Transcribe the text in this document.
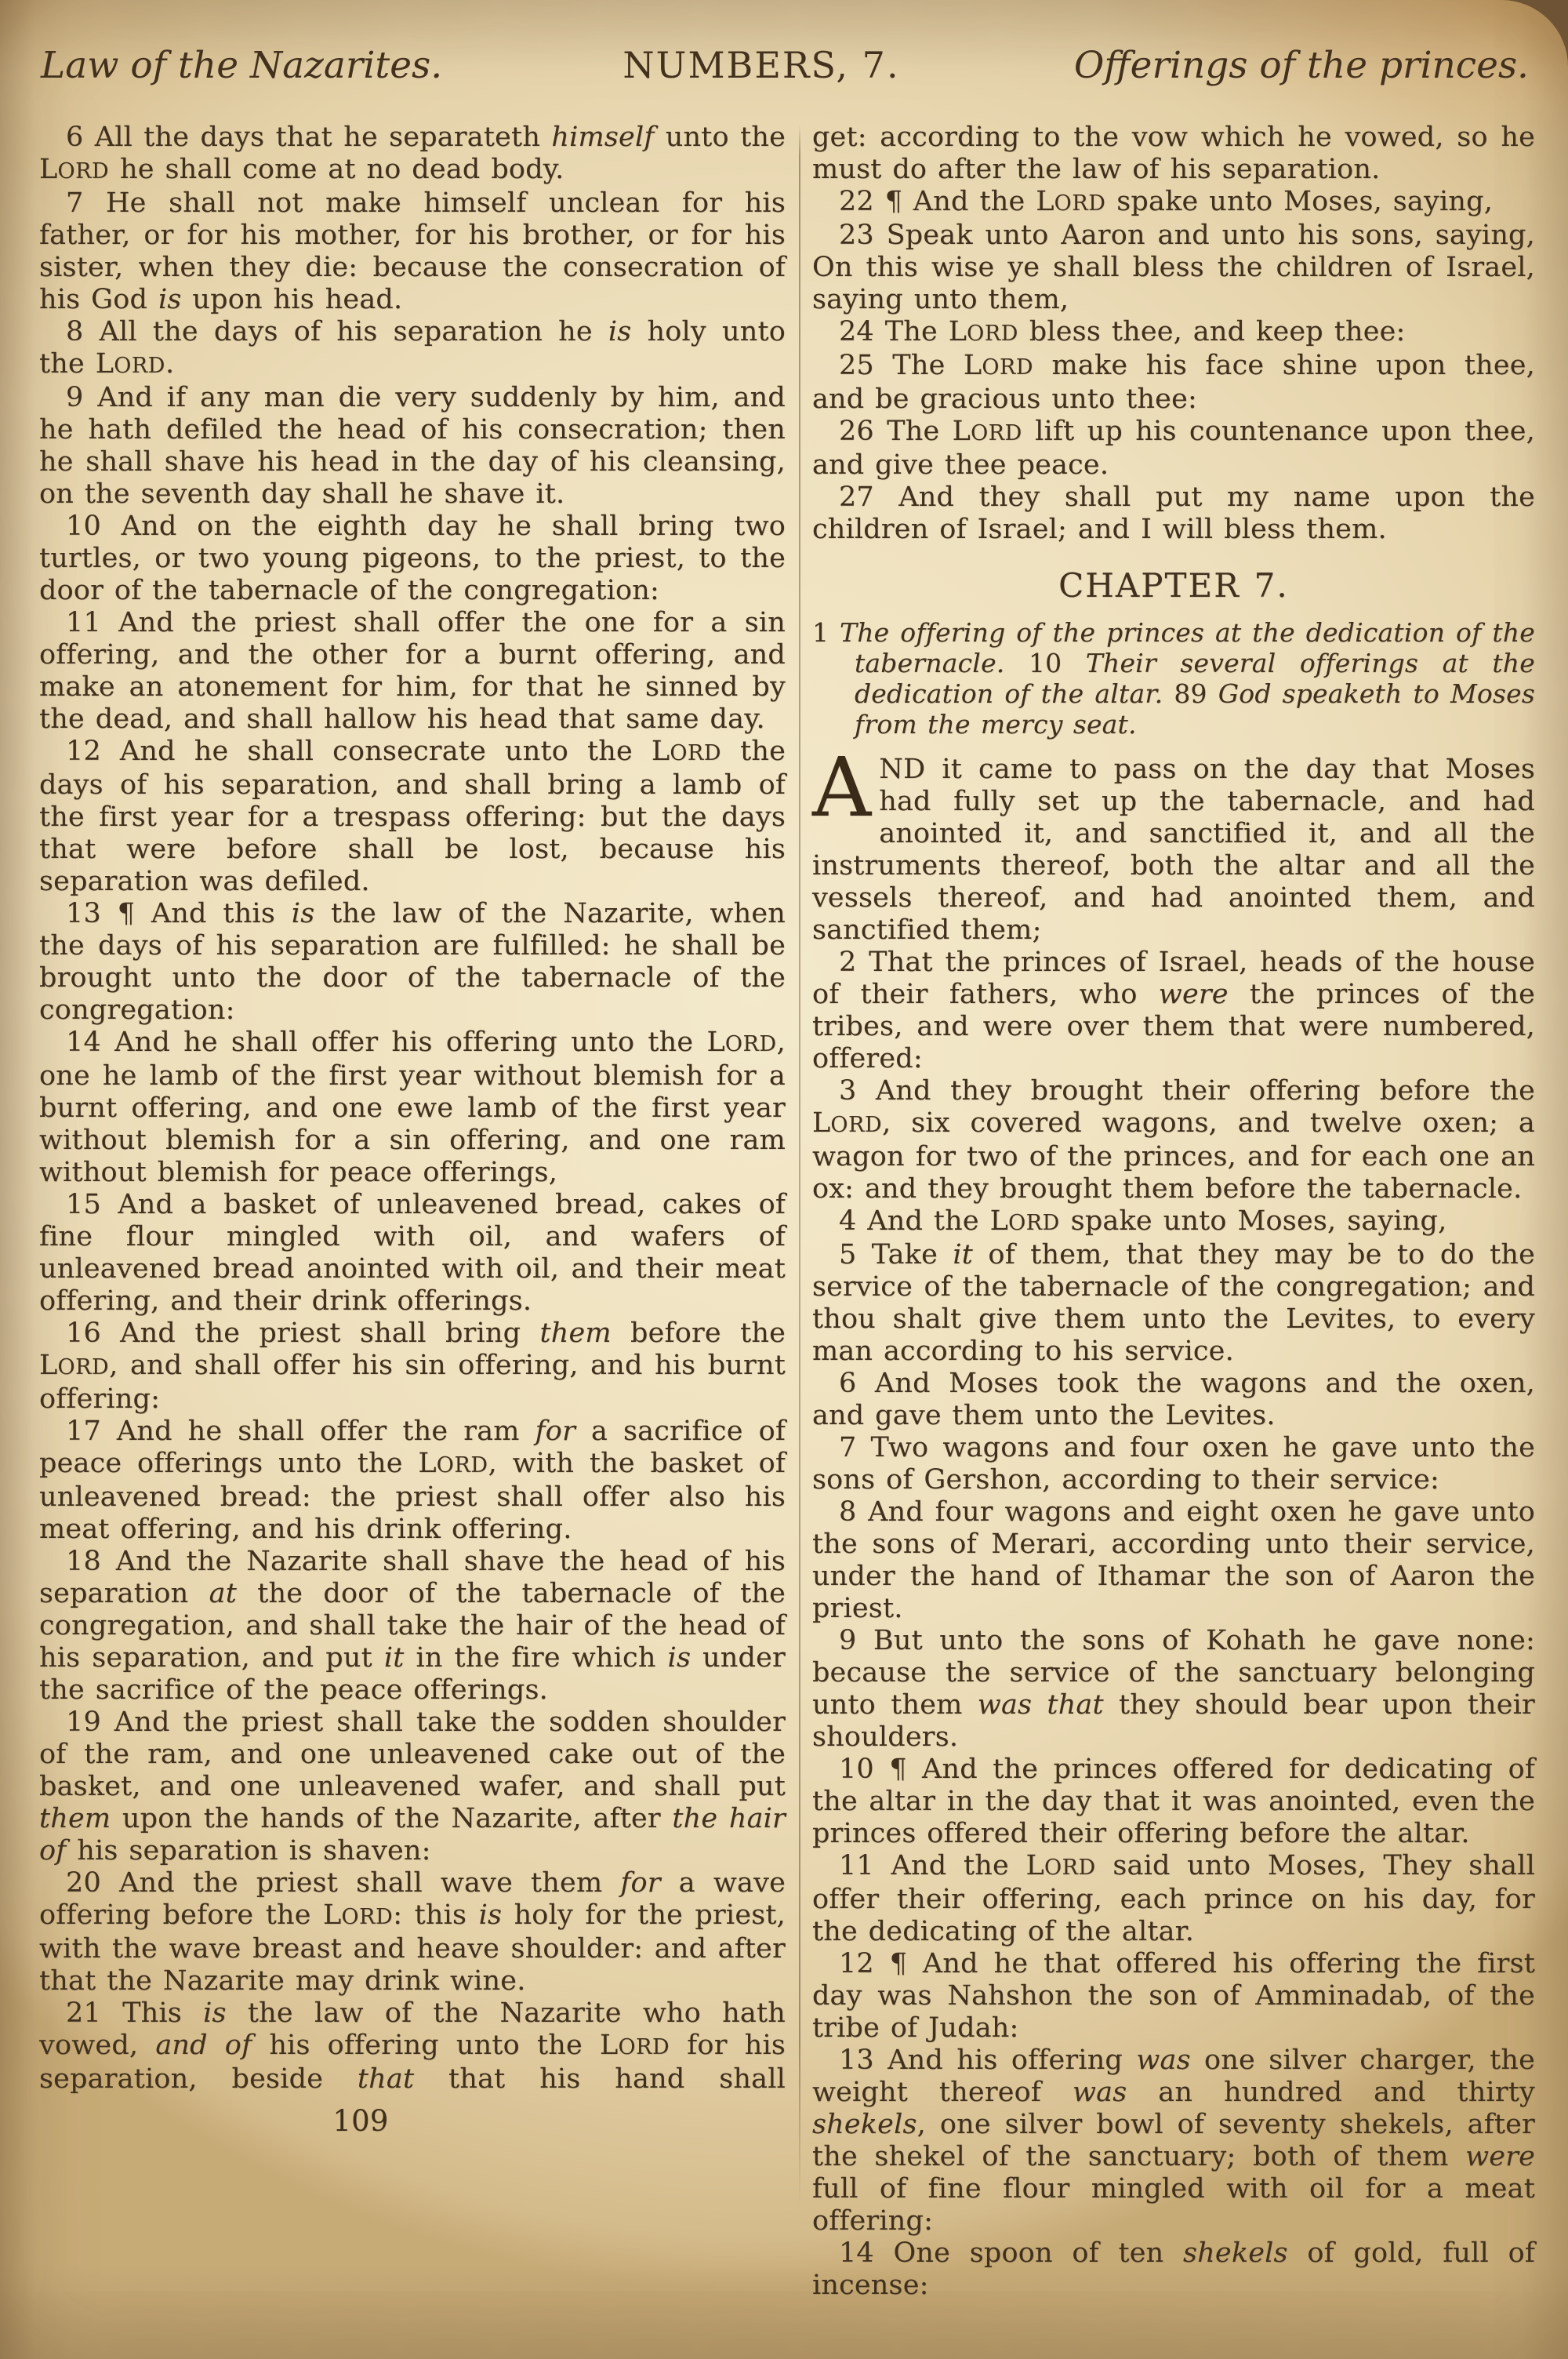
Law of the Nazarites.	NUMBERS, 7.	Offerings of the princes.

6 All the days that he separateth himself unto the LORD he shall come at no dead body.

7 He shall not make himself unclean for his father, or for his mother, for his brother, or for his sister, when they die: because the consecration of his God is upon his head.

8 All the days of his separation he is holy unto the LORD.

9 And if any man die very suddenly by him, and he hath defiled the head of his consecration; then he shall shave his head in the day of his cleansing, on the seventh day shall he shave it.

10 And on the eighth day he shall bring two turtles, or two young pigeons, to the priest, to the door of the tabernacle of the congregation:

11 And the priest shall offer the one for a sin offering, and the other for a burnt offering, and make an atonement for him, for that he sinned by the dead, and shall hallow his head that same day.

12 And he shall consecrate unto the LORD the days of his separation, and shall bring a lamb of the first year for a trespass offering: but the days that were before shall be lost, because his separation was defiled.

13 ¶ And this is the law of the Nazarite, when the days of his separation are fulfilled: he shall be brought unto the door of the tabernacle of the congregation:

14 And he shall offer his offering unto the LORD, one he lamb of the first year without blemish for a burnt offering, and one ewe lamb of the first year without blemish for a sin offering, and one ram without blemish for peace offerings,

15 And a basket of unleavened bread, cakes of fine flour mingled with oil, and wafers of unleavened bread anointed with oil, and their meat offering, and their drink offerings.

16 And the priest shall bring them before the LORD, and shall offer his sin offering, and his burnt offering:

17 And he shall offer the ram for a sacrifice of peace offerings unto the LORD, with the basket of unleavened bread: the priest shall offer also his meat offering, and his drink offering.

18 And the Nazarite shall shave the head of his separation at the door of the tabernacle of the congregation, and shall take the hair of the head of his separation, and put it in the fire which is under the sacrifice of the peace offerings.

19 And the priest shall take the sodden shoulder of the ram, and one unleavened cake out of the basket, and one unleavened wafer, and shall put them upon the hands of the Nazarite, after the hair of his separation is shaven:

20 And the priest shall wave them for a wave offering before the LORD: this is holy for the priest, with the wave breast and heave shoulder: and after that the Nazarite may drink wine.

21 This is the law of the Nazarite who hath vowed, and of his offering unto the LORD for his separation, beside that that his hand shall

109

get: according to the vow which he vowed, so he must do after the law of his separation.

22 ¶ And the LORD spake unto Moses, saying,

23 Speak unto Aaron and unto his sons, saying, On this wise ye shall bless the children of Israel, saying unto them,

24 The LORD bless thee, and keep thee:

25 The LORD make his face shine upon thee, and be gracious unto thee:

26 The LORD lift up his countenance upon thee, and give thee peace.

27 And they shall put my name upon the children of Israel; and I will bless them.

CHAPTER 7.

1 The offering of the princes at the dedication of the tabernacle. 10 Their several offerings at the dedication of the altar. 89 God speaketh to Moses from the mercy seat.

AND it came to pass on the day that Moses had fully set up the tabernacle, and had anointed it, and sanctified it, and all the instruments thereof, both the altar and all the vessels thereof, and had anointed them, and sanctified them;

2 That the princes of Israel, heads of the house of their fathers, who were the princes of the tribes, and were over them that were numbered, offered:

3 And they brought their offering before the LORD, six covered wagons, and twelve oxen; a wagon for two of the princes, and for each one an ox: and they brought them before the tabernacle.

4 And the LORD spake unto Moses, saying,

5 Take it of them, that they may be to do the service of the tabernacle of the congregation; and thou shalt give them unto the Levites, to every man according to his service.

6 And Moses took the wagons and the oxen, and gave them unto the Levites.

7 Two wagons and four oxen he gave unto the sons of Gershon, according to their service:

8 And four wagons and eight oxen he gave unto the sons of Merari, according unto their service, under the hand of Ithamar the son of Aaron the priest.

9 But unto the sons of Kohath he gave none: because the service of the sanctuary belonging unto them was that they should bear upon their shoulders.

10 ¶ And the princes offered for dedicating of the altar in the day that it was anointed, even the princes offered their offering before the altar.

11 And the LORD said unto Moses, They shall offer their offering, each prince on his day, for the dedicating of the altar.

12 ¶ And he that offered his offering the first day was Nahshon the son of Amminadab, of the tribe of Judah:

13 And his offering was one silver charger, the weight thereof was an hundred and thirty shekels, one silver bowl of seventy shekels, after the shekel of the sanctuary; both of them were full of fine flour mingled with oil for a meat offering:

14 One spoon of ten shekels of gold, full of incense:
